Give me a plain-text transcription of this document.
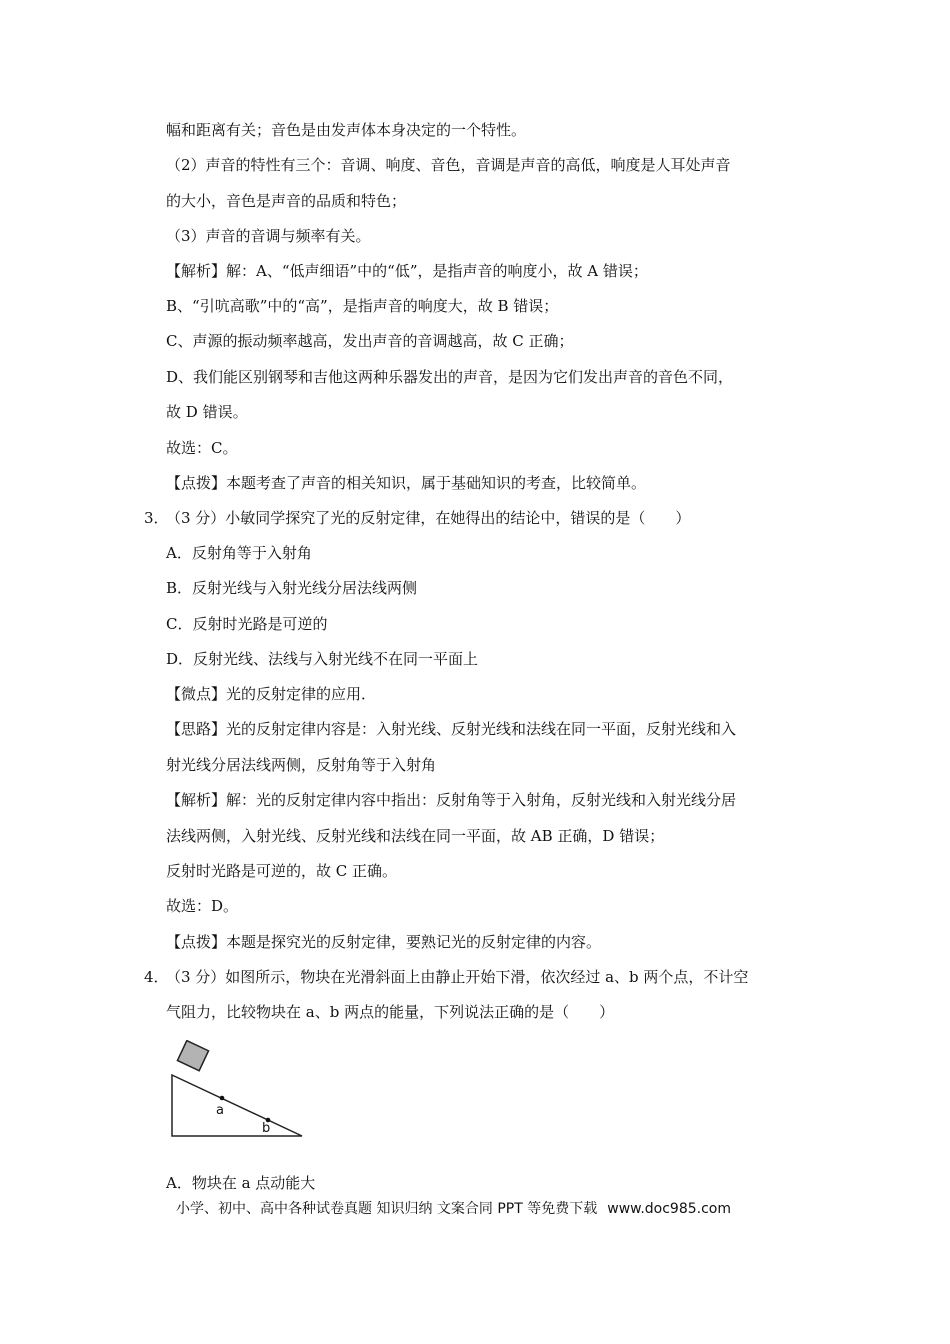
幅和距离有关；音色是由发声体本身决定的一个特性。
（2）声音的特性有三个：音调、响度、音色，音调是声音的高低，响度是人耳处声音
的大小，音色是声音的品质和特色；
（3）声音的音调与频率有关。
【解析】解：A、“低声细语”中的“低”，是指声音的响度小，故 A 错误；
B、“引吭高歌”中的“高”，是指声音的响度大，故 B 错误；
C、声源的振动频率越高，发出声音的音调越高，故 C 正确；
D、我们能区别钢琴和吉他这两种乐器发出的声音，是因为它们发出声音的音色不同，
故 D 错误。
故选：C。
【点拨】本题考查了声音的相关知识，属于基础知识的考查，比较简单。
3．（3 分）小敏同学探究了光的反射定律，在她得出的结论中，错误的是（　　）
A．反射角等于入射角
B．反射光线与入射光线分居法线两侧
C．反射时光路是可逆的
D．反射光线、法线与入射光线不在同一平面上
【微点】光的反射定律的应用．
【思路】光的反射定律内容是：入射光线、反射光线和法线在同一平面，反射光线和入
射光线分居法线两侧，反射角等于入射角
【解析】解：光的反射定律内容中指出：反射角等于入射角，反射光线和入射光线分居
法线两侧，入射光线、反射光线和法线在同一平面，故 AB 正确，D 错误；
反射时光路是可逆的，故 C 正确。
故选：D。
【点拨】本题是探究光的反射定律，要熟记光的反射定律的内容。
4．（3 分）如图所示，物块在光滑斜面上由静止开始下滑，依次经过 a、b 两个点，不计空
气阻力，比较物块在 a、b 两点的能量，下列说法正确的是（　　）
a
b
A．物块在 a 点动能大
小学、初中、高中各种试卷真题 知识归纳 文案合同 PPT 等免费下载 www.doc985.com
